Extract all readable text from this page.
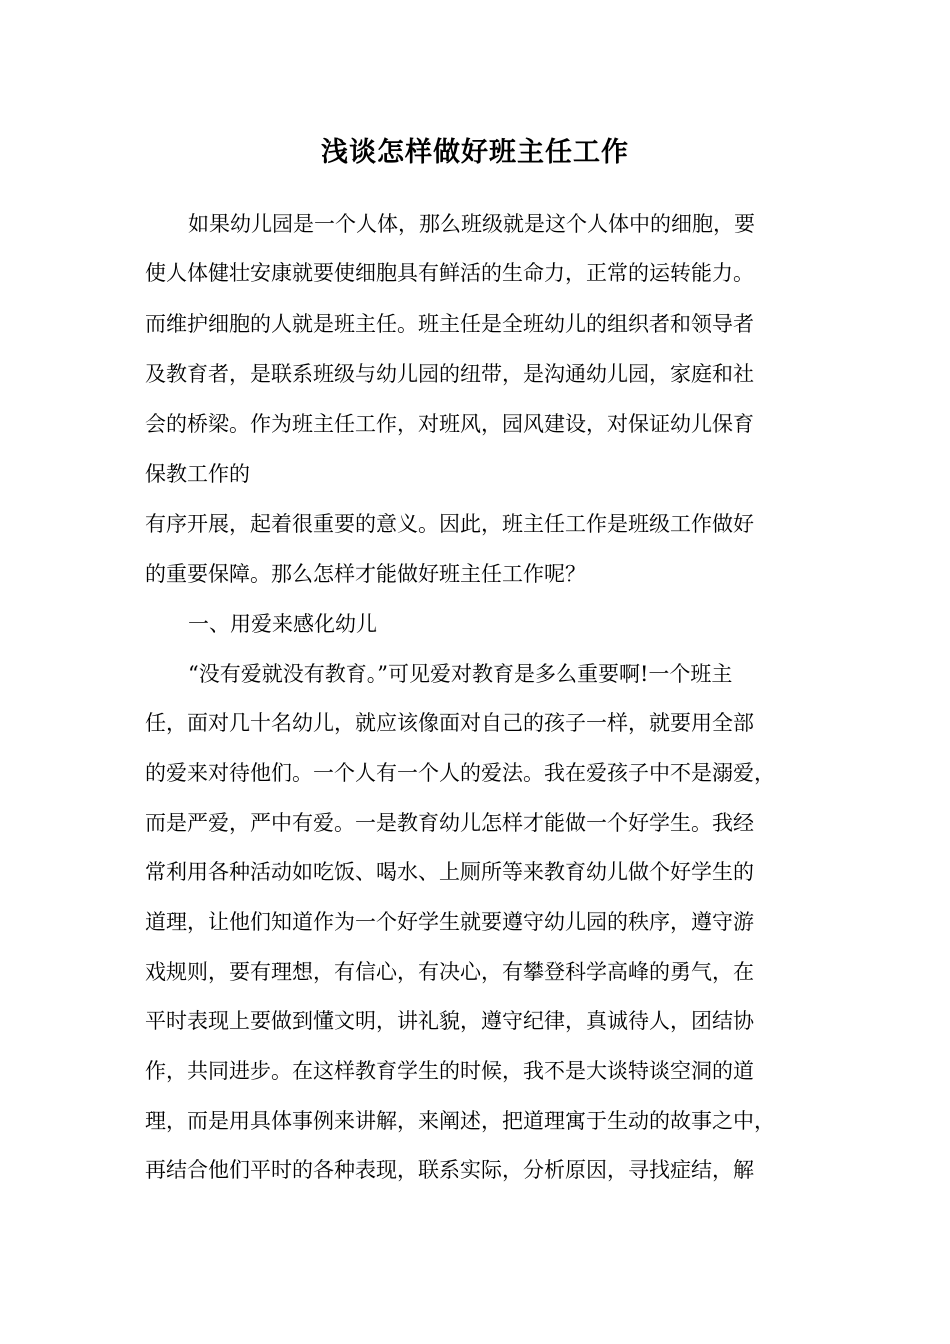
浅谈怎样做好班主任工作
如果幼儿园是一个人体，那么班级就是这个人体中的细胞，要
使人体健壮安康就要使细胞具有鲜活的生命力，正常的运转能力。
而维护细胞的人就是班主任。班主任是全班幼儿的组织者和领导者
及教育者，是联系班级与幼儿园的纽带，是沟通幼儿园，家庭和社
会的桥梁。作为班主任工作，对班风，园风建设，对保证幼儿保育
保教工作的
有序开展，起着很重要的意义。因此，班主任工作是班级工作做好
的重要保障。那么怎样才能做好班主任工作呢？
一、用爱来感化幼儿
“没有爱就没有教育。”可见爱对教育是多么重要啊!一个班主
任，面对几十名幼儿，就应该像面对自己的孩子一样，就要用全部
的爱来对待他们。一个人有一个人的爱法。我在爱孩子中不是溺爱，
而是严爱，严中有爱。一是教育幼儿怎样才能做一个好学生。我经
常利用各种活动如吃饭、喝水、上厕所等来教育幼儿做个好学生的
道理，让他们知道作为一个好学生就要遵守幼儿园的秩序，遵守游
戏规则，要有理想，有信心，有决心，有攀登科学高峰的勇气，在
平时表现上要做到懂文明，讲礼貌，遵守纪律，真诚待人，团结协
作，共同进步。在这样教育学生的时候，我不是大谈特谈空洞的道
理，而是用具体事例来讲解，来阐述，把道理寓于生动的故事之中，
再结合他们平时的各种表现，联系实际，分析原因，寻找症结，解
